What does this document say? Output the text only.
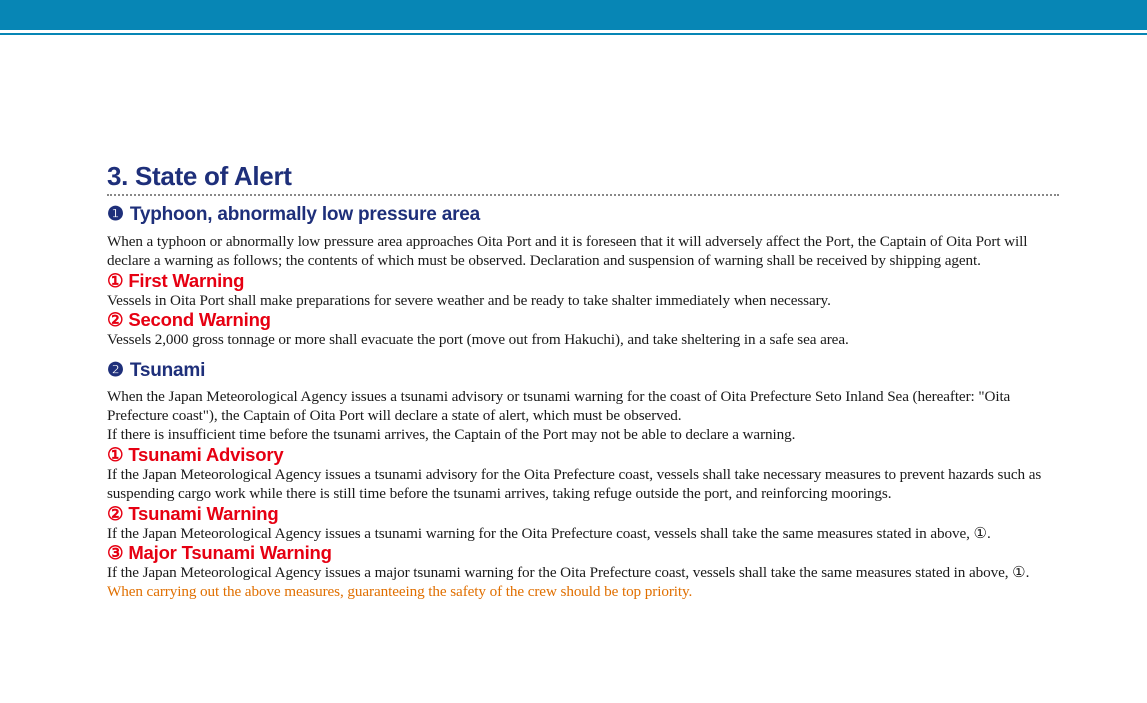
3. State of Alert
❶ Typhoon, abnormally low pressure area

When a typhoon or abnormally low pressure area approaches Oita Port and it is foreseen that it will adversely affect the Port, the Captain of Oita Port will declare a warning as follows; the contents of which must be observed. Declaration and suspension of warning shall be received by shipping agent.

① First Warning

Vessels in Oita Port shall make preparations for severe weather and be ready to take shalter immediately when necessary.

② Second Warning

Vessels 2,000 gross tonnage or more shall evacuate the port (move out from Hakuchi), and take sheltering in a safe sea area.

❷ Tsunami

When the Japan Meteorological Agency issues a tsunami advisory or tsunami warning for the coast of Oita Prefecture Seto Inland Sea (hereafter: "Oita Prefecture coast"), the Captain of Oita Port will declare a state of alert, which must be observed.

If there is insufficient time before the tsunami arrives, the Captain of the Port may not be able to declare a warning.

① Tsunami Advisory

If the Japan Meteorological Agency issues a tsunami advisory for the Oita Prefecture coast, vessels shall take necessary measures to prevent hazards such as suspending cargo work while there is still time before the tsunami arrives, taking refuge outside the port, and reinforcing moorings.

② Tsunami Warning

If the Japan Meteorological Agency issues a tsunami warning for the Oita Prefecture coast, vessels shall take the same measures stated in above, ①.

③ Major Tsunami Warning

If the Japan Meteorological Agency issues a major tsunami warning for the Oita Prefecture coast, vessels shall take the same measures stated in above, ①.

When carrying out the above measures, guaranteeing the safety of the crew should be top priority.
